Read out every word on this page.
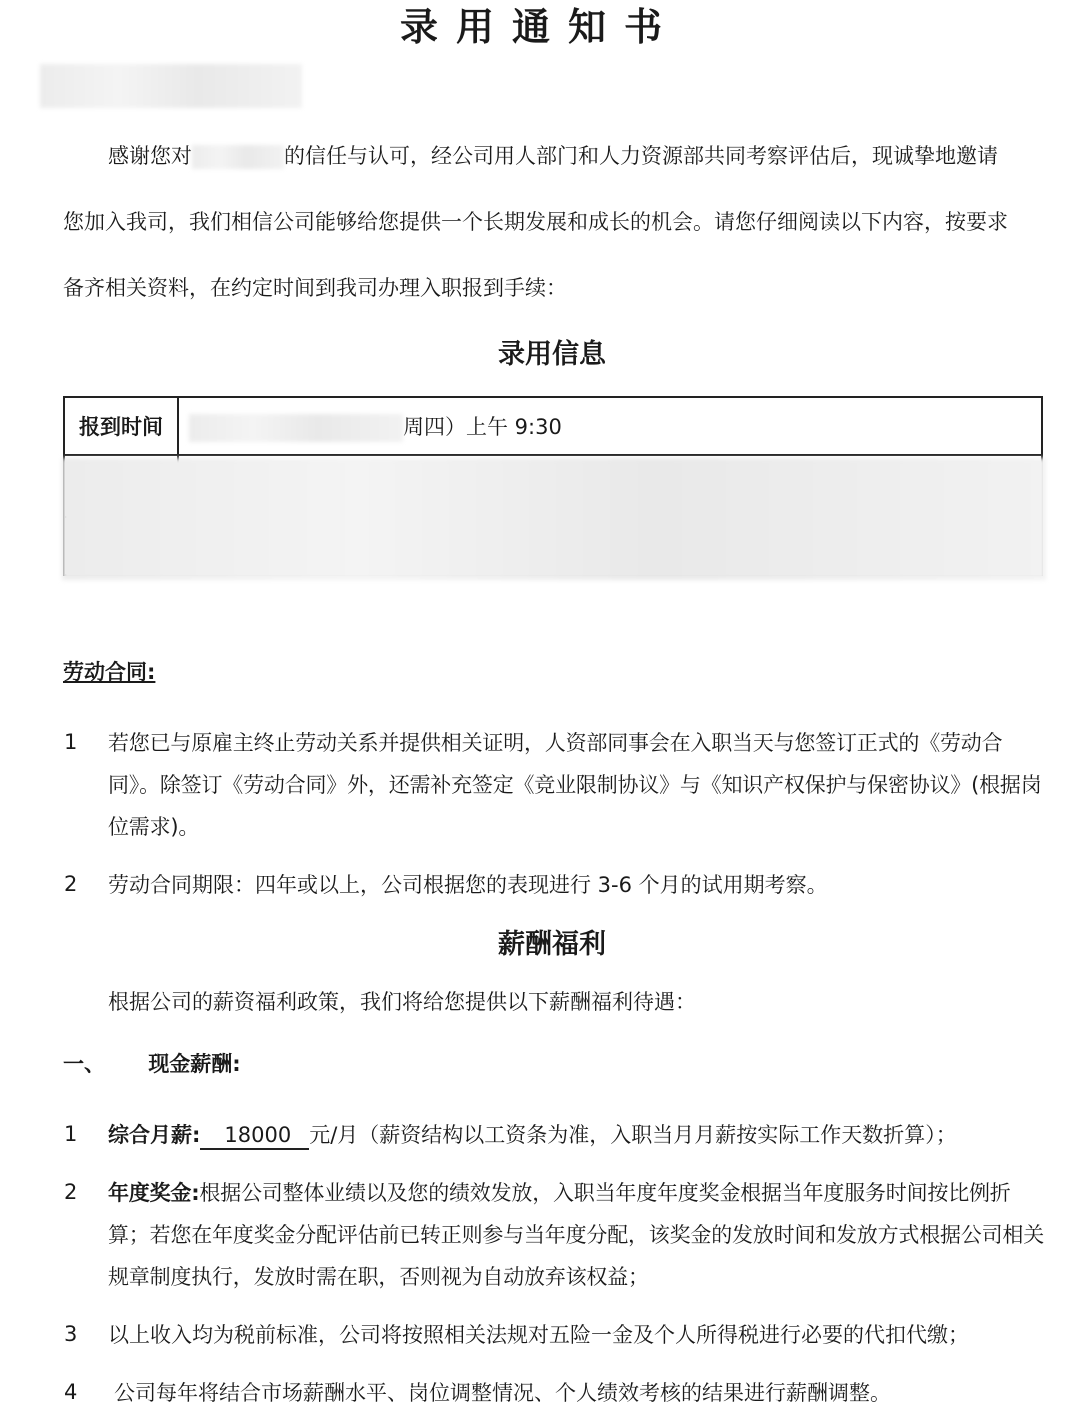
录用通知书
感谢您对	的信任与认可，经公司用人部门和人力资源部共同考察评估后，现诚挚地邀请
您加入我司，我们相信公司能够给您提供一个长期发展和成长的机会。请您仔细阅读以下内容，按要求
备齐相关资料，在约定时间到我司办理入职报到手续：
录用信息
报到时间	周四）上午 9:30

劳动合同:
1 若您已与原雇主终止劳动关系并提供相关证明，人资部同事会在入职当天与您签订正式的《劳动合同》。除签订《劳动合同》外，还需补充签定《竞业限制协议》与《知识产权保护与保密协议》(根据岗位需求)。
2 劳动合同期限：四年或以上，公司根据您的表现进行 3-6 个月的试用期考察。
薪酬福利
根据公司的薪资福利政策，我们将给您提供以下薪酬福利待遇：
一、 现金薪酬:
1 综合月薪: 18000 元/月（薪资结构以工资条为准，入职当月月薪按实际工作天数折算）；
2 年度奖金:根据公司整体业绩以及您的绩效发放，入职当年度年度奖金根据当年度服务时间按比例折算；若您在年度奖金分配评估前已转正则参与当年度分配，该奖金的发放时间和发放方式根据公司相关规章制度执行，发放时需在职，否则视为自动放弃该权益；
3 以上收入均为税前标准，公司将按照相关法规对五险一金及个人所得税进行必要的代扣代缴；
4 公司每年将结合市场薪酬水平、岗位调整情况、个人绩效考核的结果进行薪酬调整。
